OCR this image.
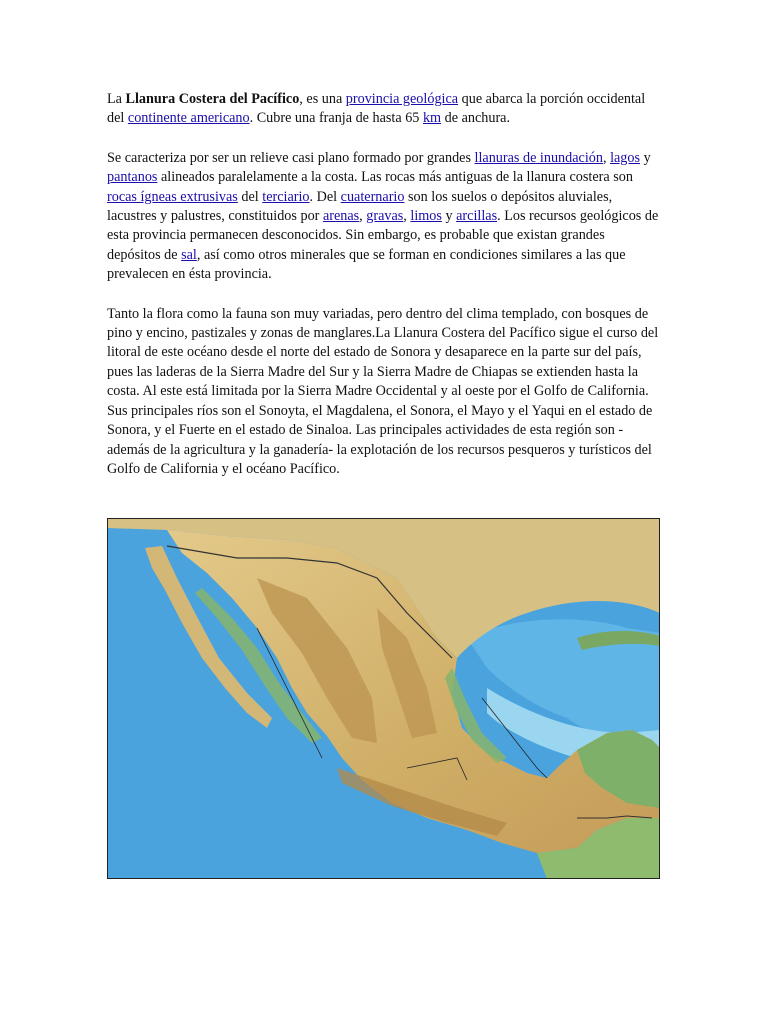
La Llanura Costera del Pacífico, es una provincia geológica que abarca la porción occidental del continente americano. Cubre una franja de hasta 65 km de anchura.

Se caracteriza por ser un relieve casi plano formado por grandes llanuras de inundación, lagos y pantanos alineados paralelamente a la costa. Las rocas más antiguas de la llanura costera son rocas ígneas extrusivas del terciario. Del cuaternario son los suelos o depósitos aluviales, lacustres y palustres, constituidos por arenas, gravas, limos y arcillas. Los recursos geológicos de esta provincia permanecen desconocidos. Sin embargo, es probable que existan grandes depósitos de sal, así como otros minerales que se forman en condiciones similares a las que prevalecen en ésta provincia.

Tanto la flora como la fauna son muy variadas, pero dentro del clima templado, con bosques de pino y encino, pastizales y zonas de manglares.La Llanura Costera del Pacífico sigue el curso del litoral de este océano desde el norte del estado de Sonora y desaparece en la parte sur del país, pues las laderas de la Sierra Madre del Sur y la Sierra Madre de Chiapas se extienden hasta la costa. Al este está limitada por la Sierra Madre Occidental y al oeste por el Golfo de California. Sus principales ríos son el Sonoyta, el Magdalena, el Sonora, el Mayo y el Yaqui en el estado de Sonora, y el Fuerte en el estado de Sinaloa. Las principales actividades de esta región son -además de la agricultura y la ganadería- la explotación de los recursos pesqueros y turísticos del Golfo de California y el océano Pacífico.
